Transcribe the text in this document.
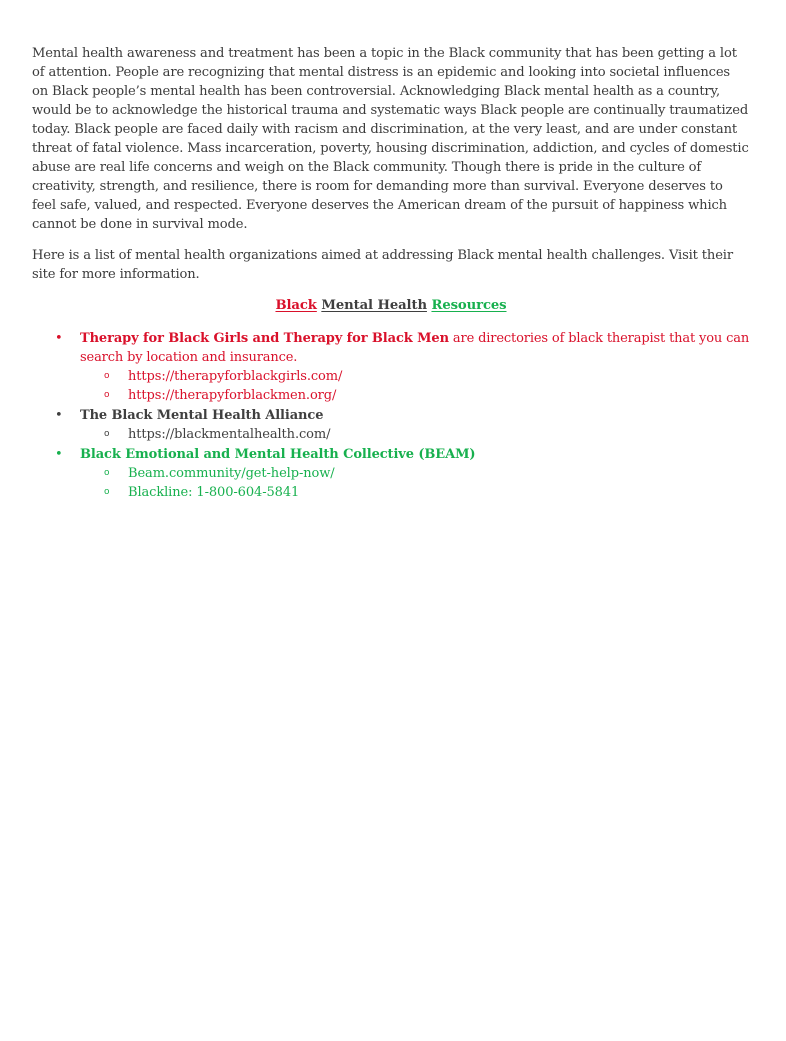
Mental health awareness and treatment has been a topic in the Black community that has been getting a lot of attention. People are recognizing that mental distress is an epidemic and looking into societal influences on Black people’s mental health has been controversial. Acknowledging Black mental health as a country, would be to acknowledge the historical trauma and systematic ways Black people are continually traumatized today. Black people are faced daily with racism and discrimination, at the very least, and are under constant threat of fatal violence. Mass incarceration, poverty, housing discrimination, addiction, and cycles of domestic abuse are real life concerns and weigh on the Black community. Though there is pride in the culture of creativity, strength, and resilience, there is room for demanding more than survival. Everyone deserves to feel safe, valued, and respected. Everyone deserves the American dream of the pursuit of happiness which cannot be done in survival mode.

Here is a list of mental health organizations aimed at addressing Black mental health challenges. Visit their site for more information.

Black Mental Health Resources
• Therapy for Black Girls and Therapy for Black Men are directories of black therapist that you can search by location and insurance.
o https://therapyforblackgirls.com/
o https://therapyforblackmen.org/
• The Black Mental Health Alliance
o https://blackmentalhealth.com/
• Black Emotional and Mental Health Collective (BEAM)
o Beam.community/get-help-now/
o Blackline: 1-800-604-5841
